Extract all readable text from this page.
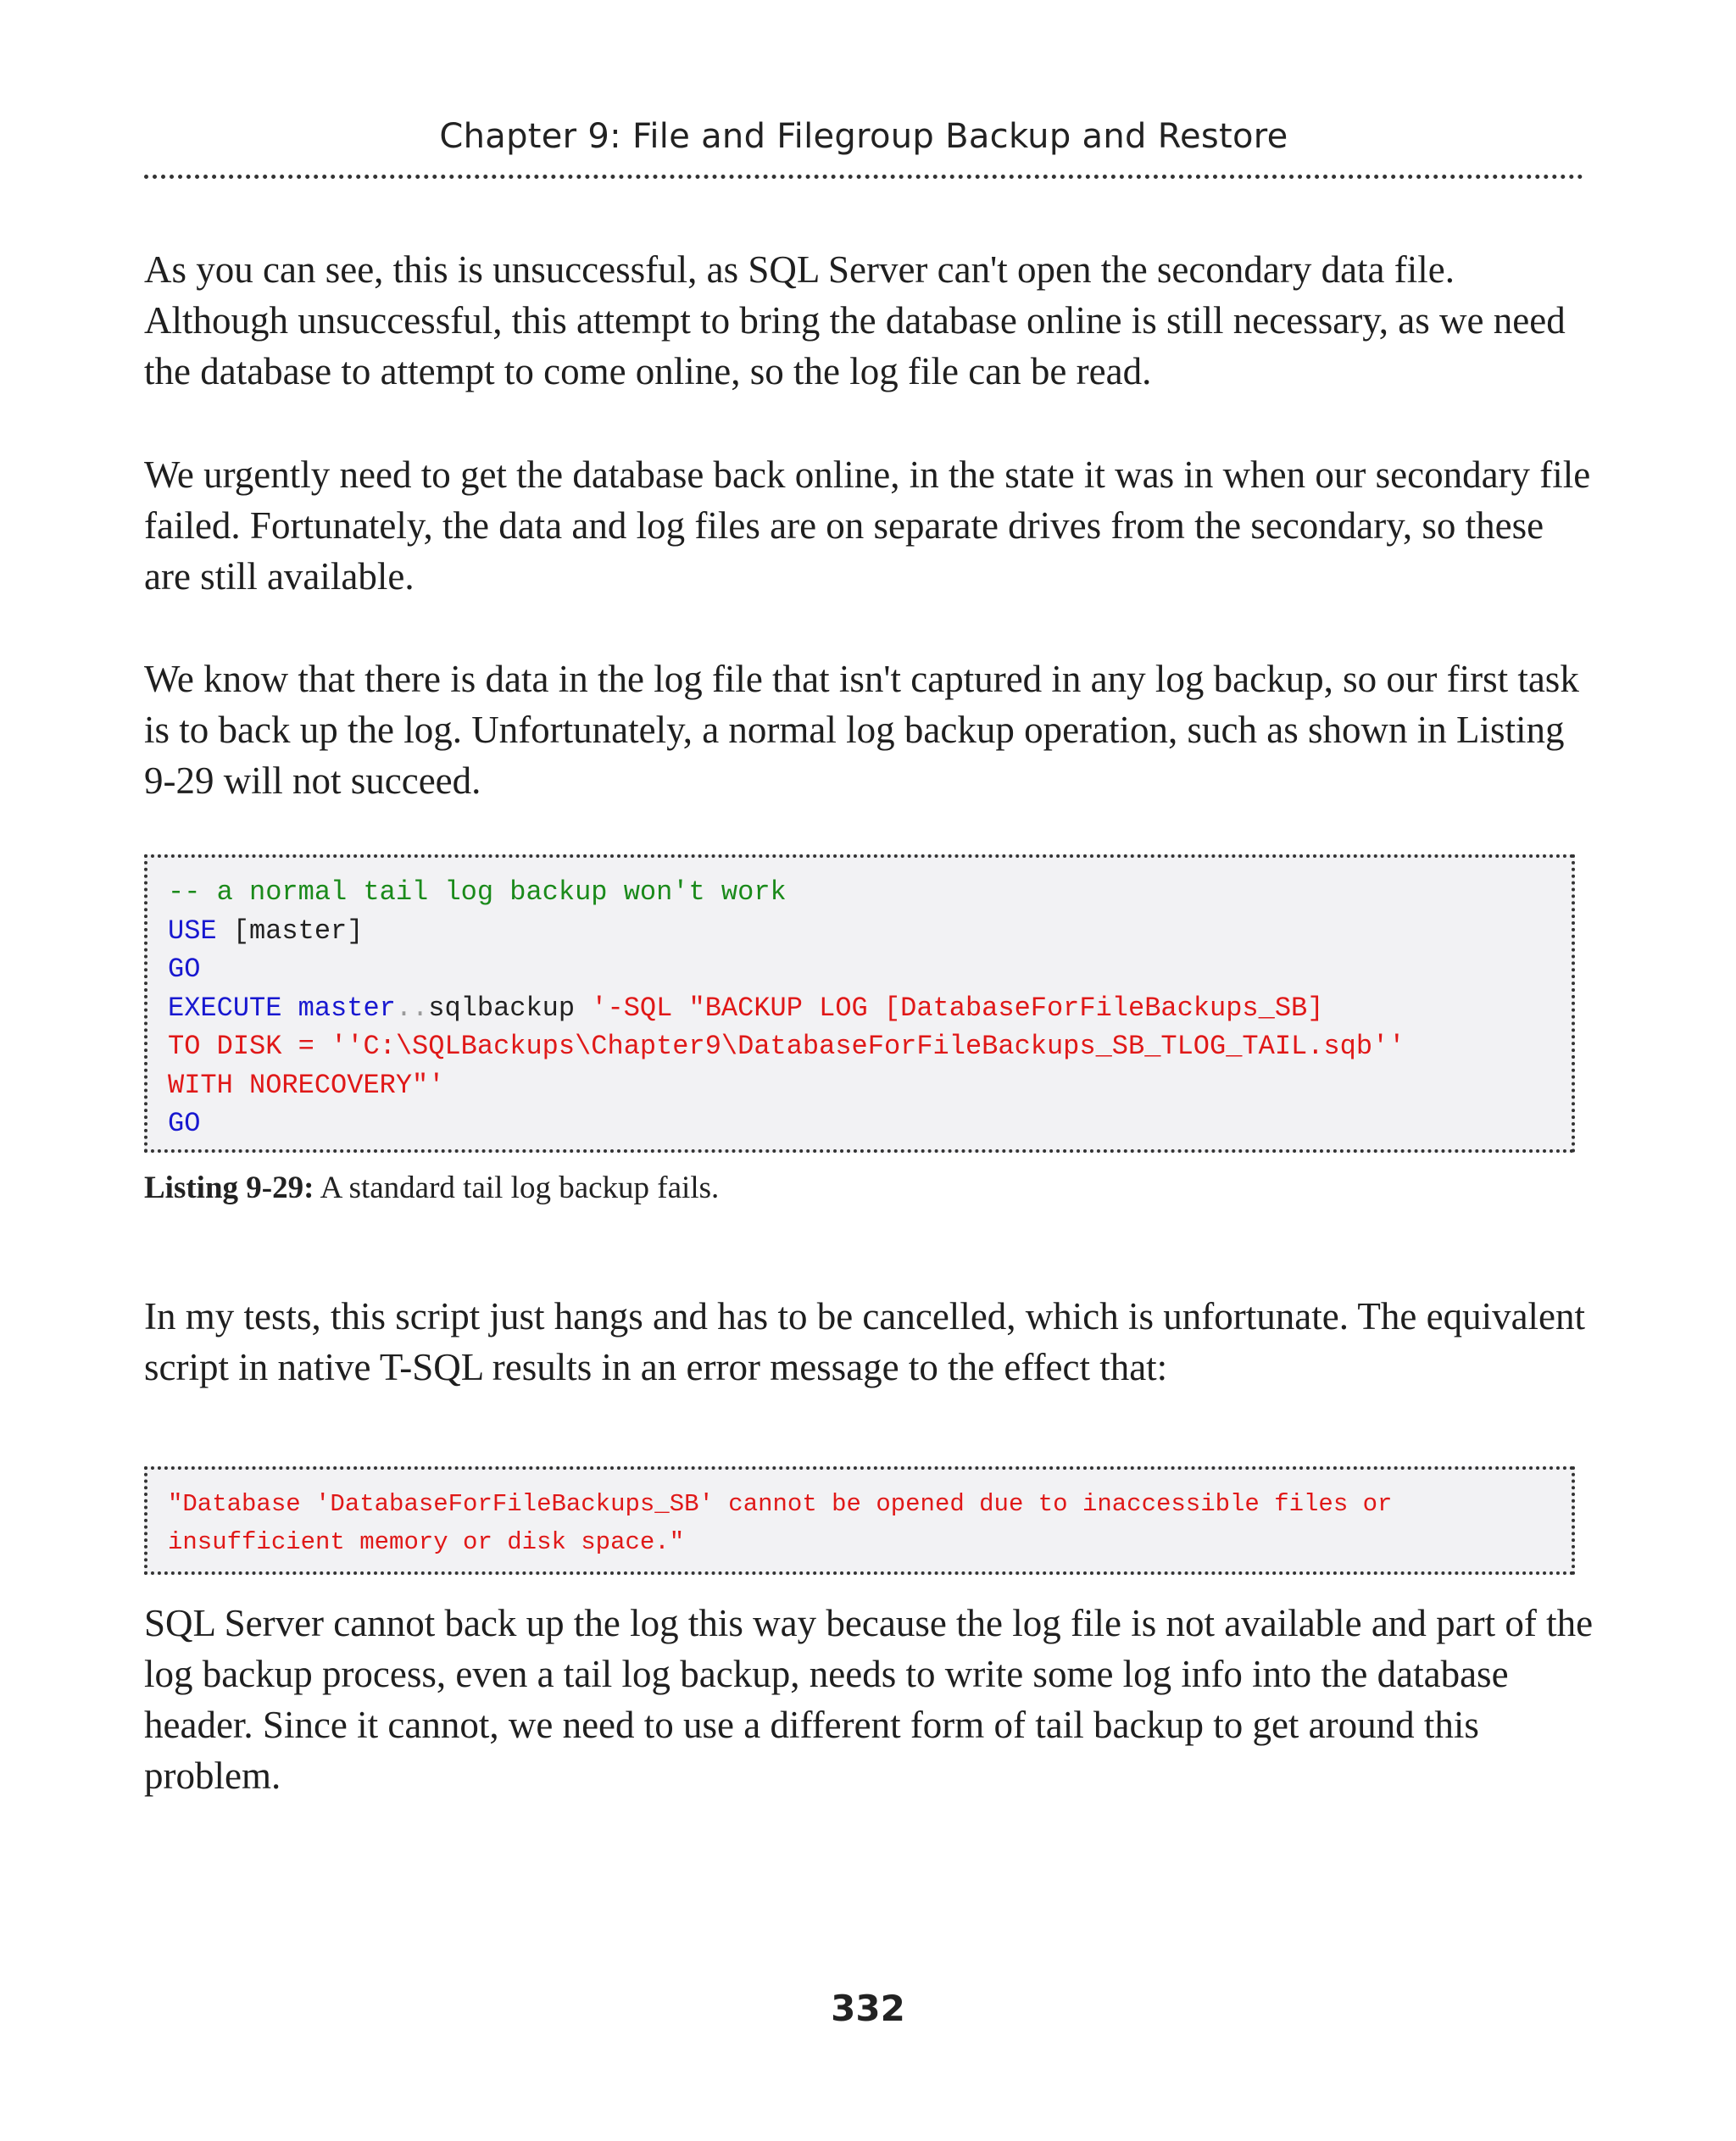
Chapter 9: File and Filegroup Backup and Restore

As you can see, this is unsuccessful, as SQL Server can't open the secondary data file. Although unsuccessful, this attempt to bring the database online is still necessary, as we need the database to attempt to come online, so the log file can be read.

We urgently need to get the database back online, in the state it was in when our secondary file failed. Fortunately, the data and log files are on separate drives from the secondary, so these are still available.

We know that there is data in the log file that isn't captured in any log backup, so our first task is to back up the log. Unfortunately, a normal log backup operation, such as shown in Listing 9-29 will not succeed.

-- a normal tail log backup won't work
USE [master]
GO
EXECUTE master..sqlbackup '-SQL "BACKUP LOG [DatabaseForFileBackups_SB]
TO DISK = ''C:\SQLBackups\Chapter9\DatabaseForFileBackups_SB_TLOG_TAIL.sqb''
WITH NORECOVERY"'
GO
Listing 9-29: A standard tail log backup fails.

In my tests, this script just hangs and has to be cancelled, which is unfortunate. The equivalent script in native T-SQL results in an error message to the effect that:

"Database 'DatabaseForFileBackups_SB' cannot be opened due to inaccessible files or
insufficient memory or disk space."

SQL Server cannot back up the log this way because the log file is not available and part of the log backup process, even a tail log backup, needs to write some log info into the database header. Since it cannot, we need to use a different form of tail backup to get around this problem.

332
